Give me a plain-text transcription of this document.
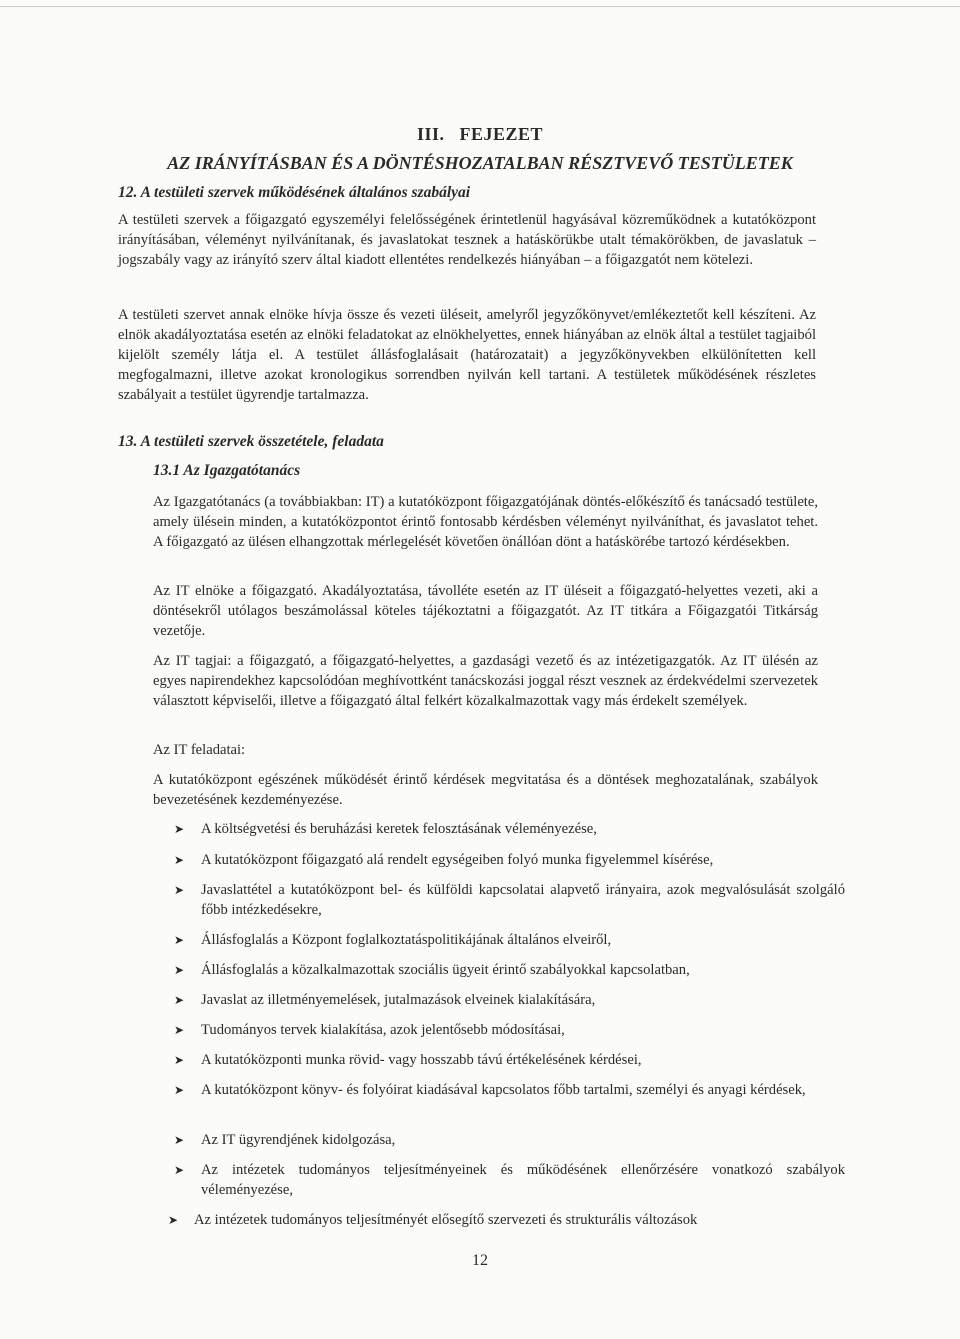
III. FEJEZET
AZ IRÁNYÍTÁSBAN ÉS A DÖNTÉSHOZATALBAN RÉSZTVEVŐ TESTÜLETEK
12. A testületi szervek működésének általános szabályai

A testületi szervek a főigazgató egyszemélyi felelősségének érintetlenül hagyásával közreműködnek a kutatóközpont irányításában, véleményt nyilvánítanak, és javaslatokat tesznek a hatáskörükbe utalt témakörökben, de javaslatuk – jogszabály vagy az irányító szerv által kiadott ellentétes rendelkezés hiányában – a főigazgatót nem kötelezi.

A testületi szervet annak elnöke hívja össze és vezeti üléseit, amelyről jegyzőkönyvet/emlékeztetőt kell készíteni. Az elnök akadályoztatása esetén az elnöki feladatokat az elnökhelyettes, ennek hiányában az elnök által a testület tagjaiból kijelölt személy látja el. A testület állásfoglalásait (határozatait) a jegyzőkönyvekben elkülönítetten kell megfogalmazni, illetve azokat kronologikus sorrendben nyilván kell tartani. A testületek működésének részletes szabályait a testület ügyrendje tartalmazza.

13. A testületi szervek összetétele, feladata
13.1 Az Igazgatótanács

Az Igazgatótanács (a továbbiakban: IT) a kutatóközpont főigazgatójának döntés-előkészítő és tanácsadó testülete, amely ülésein minden, a kutatóközpontot érintő fontosabb kérdésben véleményt nyilváníthat, és javaslatot tehet. A főigazgató az ülésen elhangzottak mérlegelését követően önállóan dönt a hatáskörébe tartozó kérdésekben.

Az IT elnöke a főigazgató. Akadályoztatása, távolléte esetén az IT üléseit a főigazgató-helyettes vezeti, aki a döntésekről utólagos beszámolással köteles tájékoztatni a főigazgatót. Az IT titkára a Főigazgatói Titkárság vezetője.

Az IT tagjai: a főigazgató, a főigazgató-helyettes, a gazdasági vezető és az intézetigazgatók. Az IT ülésén az egyes napirendekhez kapcsolódóan meghívottként tanácskozási joggal részt vesznek az érdekvédelmi szervezetek választott képviselői, illetve a főigazgató által felkért közalkalmazottak vagy más érdekelt személyek.

Az IT feladatai:

A kutatóközpont egészének működését érintő kérdések megvitatása és a döntések meghozatalának, szabályok bevezetésének kezdeményezése.

➤ A költségvetési és beruházási keretek felosztásának véleményezése,
➤ A kutatóközpont főigazgató alá rendelt egységeiben folyó munka figyelemmel kísérése,
➤ Javaslattétel a kutatóközpont bel- és külföldi kapcsolatai alapvető irányaira, azok megvalósulását szolgáló főbb intézkedésekre,
➤ Állásfoglalás a Központ foglalkoztatáspolitikájának általános elveiről,
➤ Állásfoglalás a közalkalmazottak szociális ügyeit érintő szabályokkal kapcsolatban,
➤ Javaslat az illetményemelések, jutalmazások elveinek kialakítására,
➤ Tudományos tervek kialakítása, azok jelentősebb módosításai,
➤ A kutatóközponti munka rövid- vagy hosszabb távú értékelésének kérdései,
➤ A kutatóközpont könyv- és folyóirat kiadásával kapcsolatos főbb tartalmi, személyi és anyagi kérdések,
➤ Az IT ügyrendjének kidolgozása,
➤ Az intézetek tudományos teljesítményeinek és működésének ellenőrzésére vonatkozó szabályok véleményezése,
➤ Az intézetek tudományos teljesítményét elősegítő szervezeti és strukturális változások
12
